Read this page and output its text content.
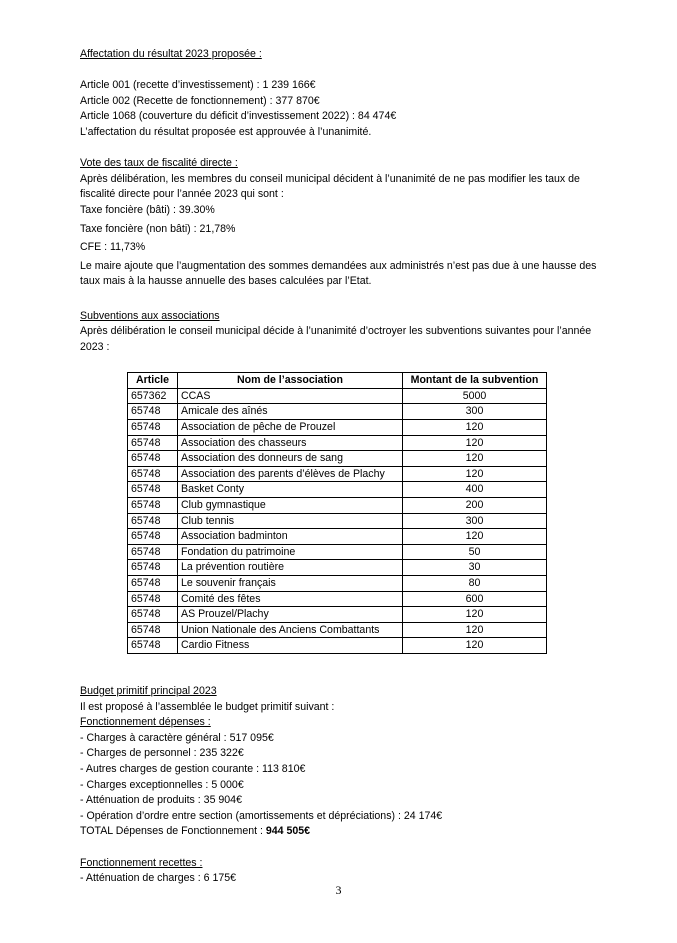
Affectation du résultat 2023 proposée :
Article 001 (recette d’investissement) : 1 239 166€
Article 002 (Recette de fonctionnement) : 377 870€
Article 1068 (couverture du déficit d’investissement 2022) : 84 474€
L’affectation du résultat proposée est approuvée à l’unanimité.
Vote des taux de fiscalité directe :
Après délibération, les membres du conseil municipal décident à l’unanimité de ne pas modifier les taux de fiscalité directe pour l’année 2023 qui sont :
Taxe foncière (bâti) : 39.30%
Taxe foncière (non bâti) : 21,78%
CFE : 11,73%
Le maire ajoute que l’augmentation des sommes demandées aux administrés n’est pas due à une hausse des taux mais à la hausse annuelle des bases calculées par l’Etat.
Subventions aux associations
Après délibération le conseil municipal décide à l’unanimité d’octroyer les subventions suivantes pour l’année 2023 :
Article	Nom de l’association	Montant de la subvention
657362	CCAS	5000
65748	Amicale des aînés	300
65748	Association de pêche de Prouzel	120
65748	Association des chasseurs	120
65748	Association des donneurs de sang	120
65748	Association des parents d’élèves de Plachy	120
65748	Basket Conty	400
65748	Club gymnastique	200
65748	Club tennis	300
65748	Association badminton	120
65748	Fondation du patrimoine	50
65748	La prévention routière	30
65748	Le souvenir français	80
65748	Comité des fêtes	600
65748	AS Prouzel/Plachy	120
65748	Union Nationale des Anciens Combattants	120
65748	Cardio Fitness	120
Budget primitif principal 2023
Il est proposé à l’assemblée le budget primitif suivant :
Fonctionnement dépenses :
- Charges à caractère général : 517 095€
- Charges de personnel : 235 322€
- Autres charges de gestion courante : 113 810€
- Charges exceptionnelles : 5 000€
- Atténuation de produits : 35 904€
- Opération d’ordre entre section (amortissements et dépréciations) : 24 174€
TOTAL Dépenses de Fonctionnement : 944 505€
Fonctionnement recettes :
- Atténuation de charges : 6 175€
3
